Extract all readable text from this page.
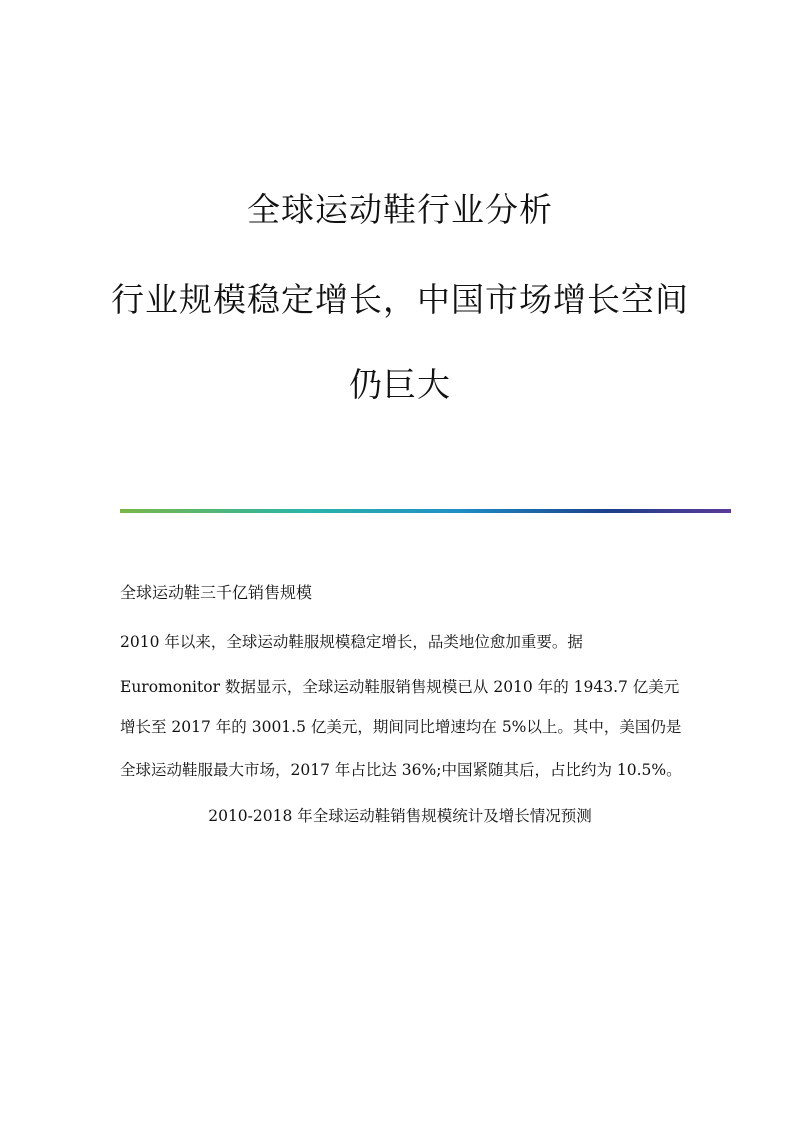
全球运动鞋行业分析
行业规模稳定增长，中国市场增长空间
仍巨大
全球运动鞋三千亿销售规模
2010 年以来，全球运动鞋服规模稳定增长，品类地位愈加重要。据
Euromonitor 数据显示，全球运动鞋服销售规模已从 2010 年的 1943.7 亿美元
增长至 2017 年的 3001.5 亿美元，期间同比增速均在 5%以上。其中，美国仍是
全球运动鞋服最大市场，2017 年占比达 36%;中国紧随其后，占比约为 10.5%。
2010-2018 年全球运动鞋销售规模统计及增长情况预测
